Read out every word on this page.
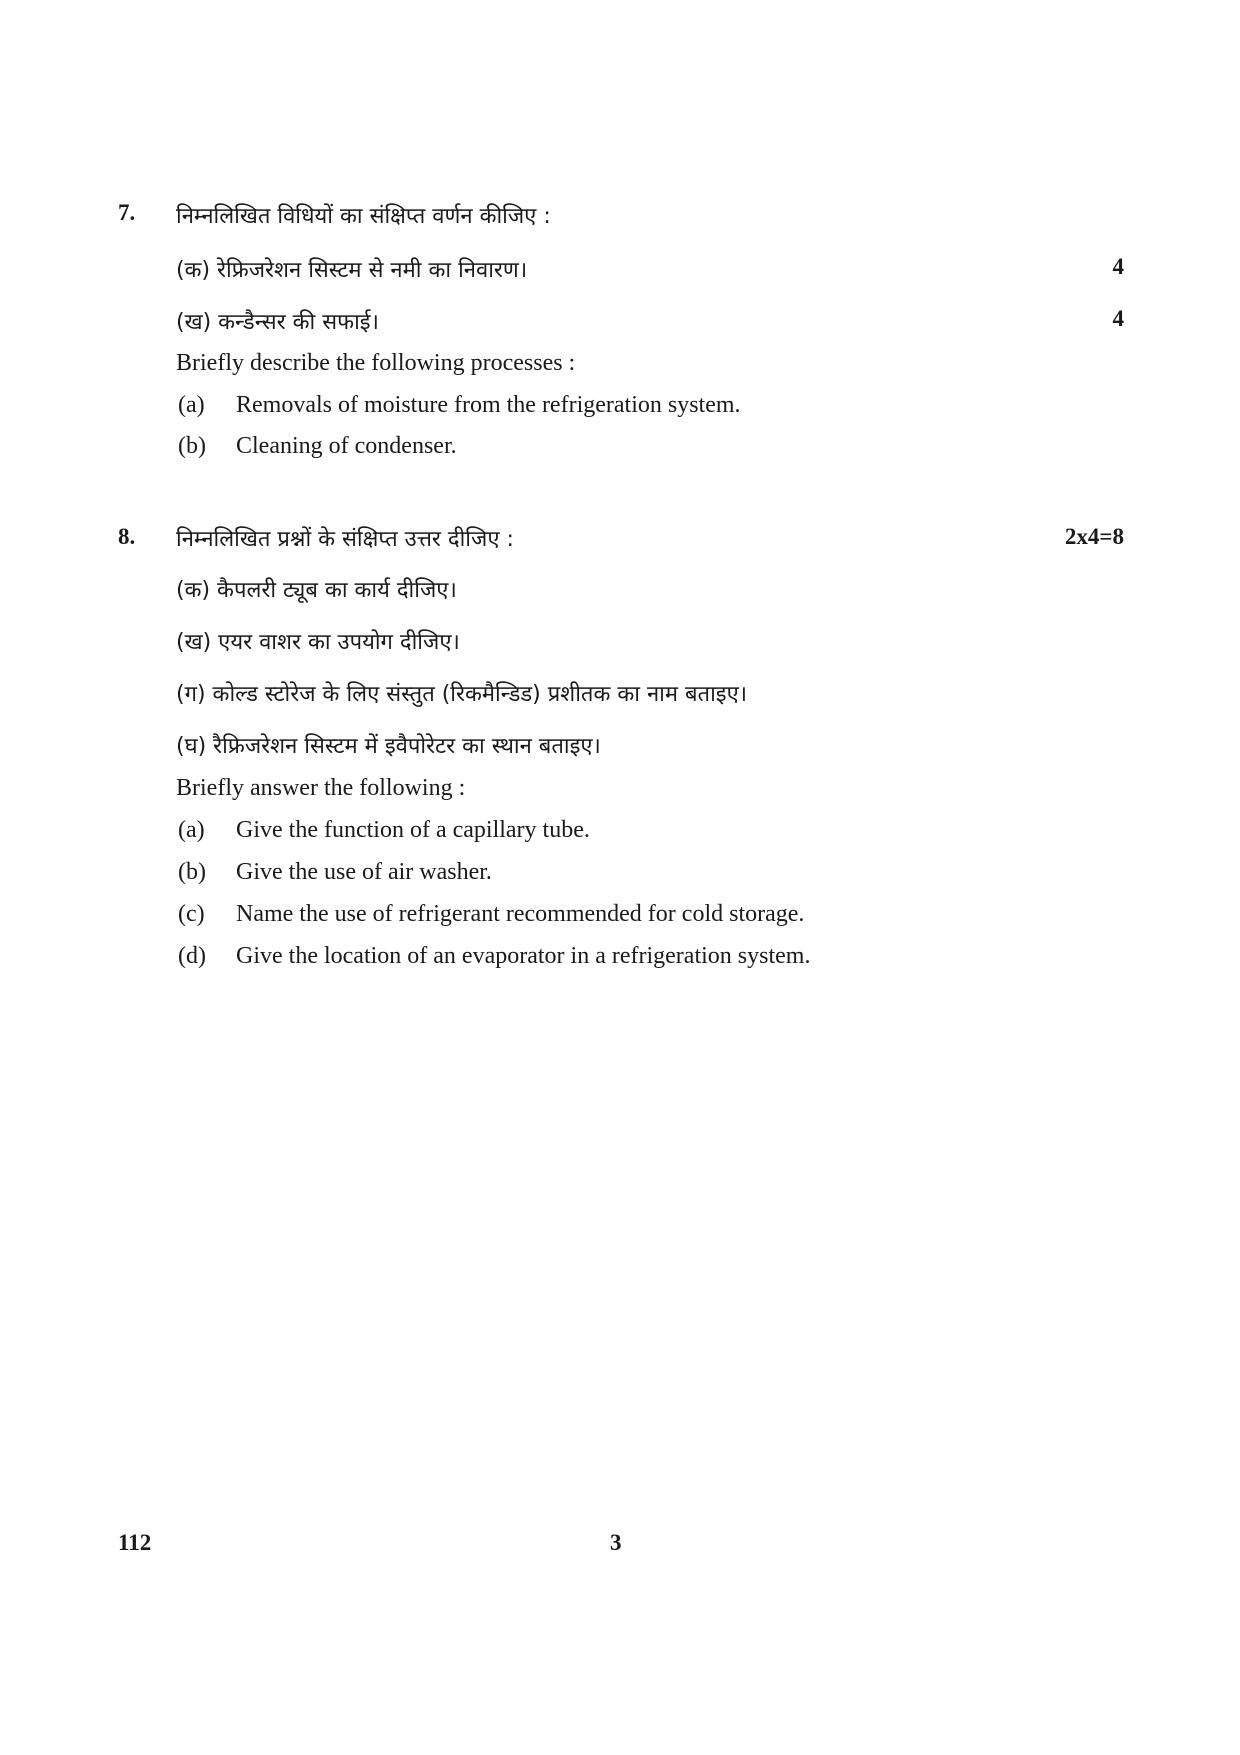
7.	निम्नलिखित विधियों का संक्षिप्त वर्णन कीजिए :
(क) रेफ्रिजरेशन सिस्टम से नमी का निवारण।	4
(ख) कन्डैन्सर की सफाई।	4
Briefly describe the following processes :
(a) Removals of moisture from the refrigeration system.
(b) Cleaning of condenser.
8.	निम्नलिखित प्रश्नों के संक्षिप्त उत्तर दीजिए :	2x4=8
(क) कैपलरी ट्यूब का कार्य दीजिए।
(ख) एयर वाशर का उपयोग दीजिए।
(ग) कोल्ड स्टोरेज के लिए संस्तुत (रिकमैन्डिड) प्रशीतक का नाम बताइए।
(घ) रैफ्रिजरेशन सिस्टम में इवैपोरेटर का स्थान बताइए।
Briefly answer the following :
(a) Give the function of a capillary tube.
(b) Give the use of air washer.
(c) Name the use of refrigerant recommended for cold storage.
(d) Give the location of an evaporator in a refrigeration system.
112	3
